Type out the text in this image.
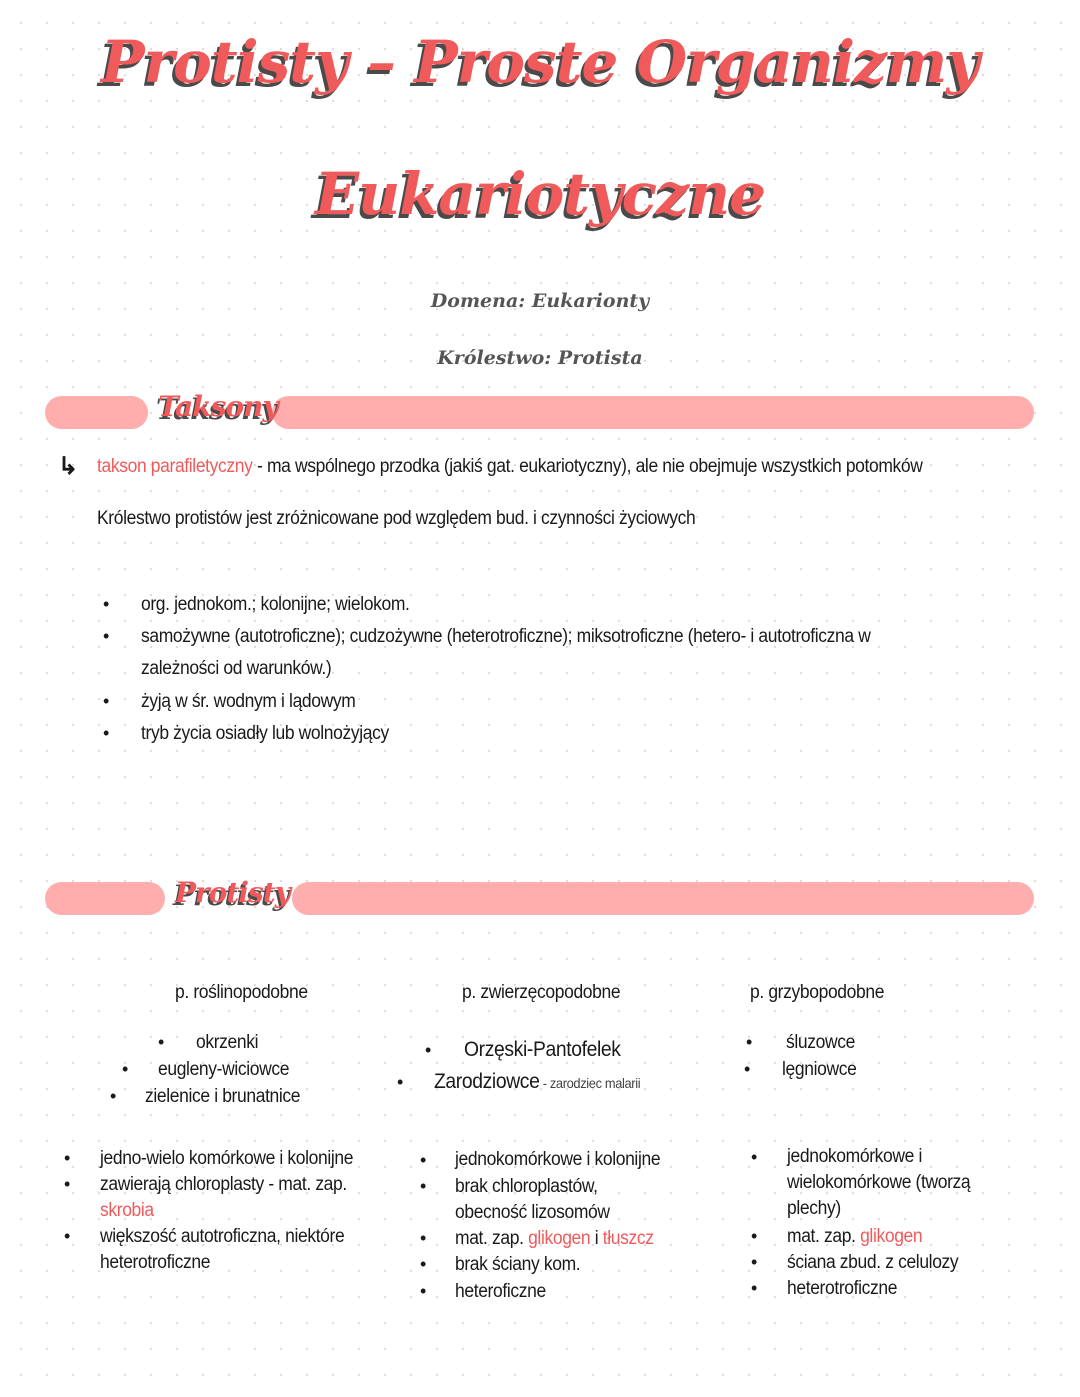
Protisty – Proste Organizmy
Eukariotyczne
Domena: Eukarionty
Królestwo: Protista
Taksony
↳ takson parafiletyczny - ma wspólnego przodka (jakiś gat. eukariotyczny), ale nie obejmuje wszystkich potomków
Królestwo protistów jest zróżnicowane pod względem bud. i czynności życiowych
• org. jednokom.; kolonijne; wielokom.
• samożywne (autotroficzne); cudzożywne (heterotroficzne); miksotroficzne (hetero- i autotroficzna w
zależności od warunków.)
• żyją w śr. wodnym i lądowym
• tryb życia osiadły lub wolnożyjący
Protisty
p. roślinopodobne	p. zwierzęcopodobne	p. grzybopodobne
• okrzenki
• eugleny-wiciowce
• zielenice i brunatnice
• Orzęski-Pantofelek
• Zarodziowce - zarodziec malarii
• śluzowce
• lęgniowce
• jedno-wielo komórkowe i kolonijne
• zawierają chloroplasty - mat. zap.
skrobia
• większość autotroficzna, niektóre
heterotroficzne
• jednokomórkowe i kolonijne
• brak chloroplastów,
obecność lizosomów
• mat. zap. glikogen i tłuszcz
• brak ściany kom.
• heteroficzne
• jednokomórkowe i
wielokomórkowe (tworzą
plechy)
• mat. zap. glikogen
• ściana zbud. z celulozy
• heterotroficzne
